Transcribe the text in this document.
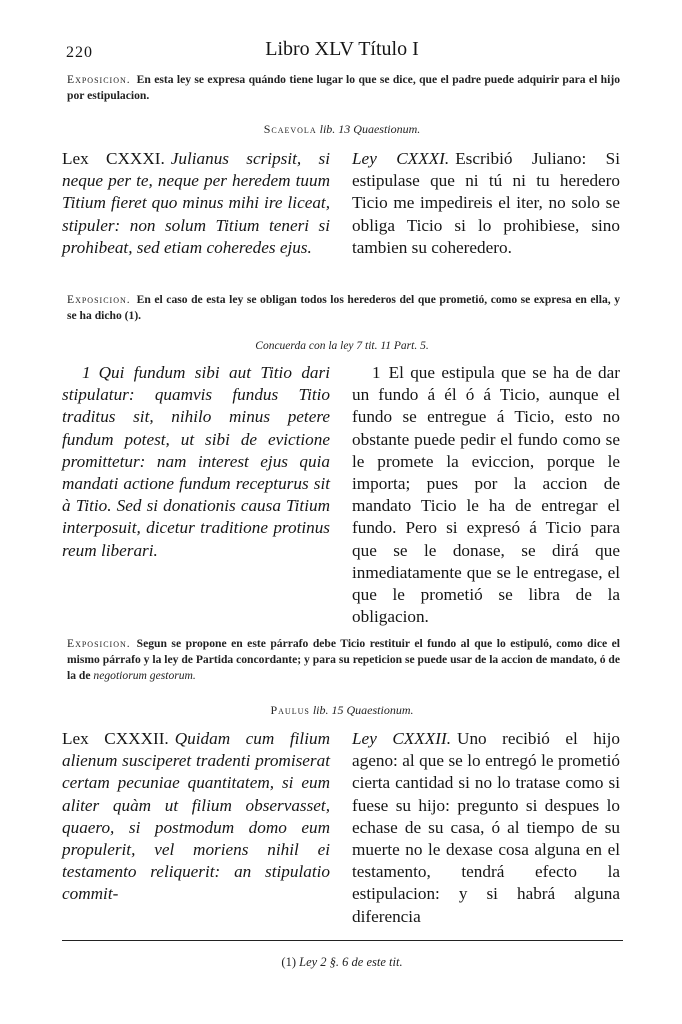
220	Libro XLV Título I
Exposicion. En esta ley se expresa quándo tiene lugar lo que se dice, que el padre puede adquirir para el hijo por estipulacion.
Scaevola lib. 13 Quaestionum.
Lex CXXXI. Julianus scripsit, si neque per te, neque per heredem tuum Titium fieret quo minus mihi ire liceat, stipuler: non solum Titium teneri si prohibeat, sed etiam coheredes ejus.
Ley CXXXI. Escribió Juliano: Si estipulase que ni tú ni tu heredero Ticio me impedireis el iter, no solo se obliga Ticio si lo prohibiese, sino tambien su coheredero.
Exposicion. En el caso de esta ley se obligan todos los herederos del que prometió, como se expresa en ella, y se ha dicho (1).
Concuerda con la ley 7 tit. 11 Part. 5.
1 Qui fundum sibi aut Titio dari stipulatur: quamvis fundus Titio traditus sit, nihilo minus petere fundum potest, ut sibi de evictione promittetur: nam interest ejus quia mandati actione fundum recepturus sit à Titio. Sed si donationis causa Titium interposuit, dicetur traditione protinus reum liberari.
1 El que estipula que se ha de dar un fundo á él ó á Ticio, aunque el fundo se entregue á Ticio, esto no obstante puede pedir el fundo como se le promete la eviccion, porque le importa; pues por la accion de mandato Ticio le ha de entregar el fundo. Pero si expresó á Ticio para que se le donase, se dirá que inmediatamente que se le entregase, el que le prometió se libra de la obligacion.
Exposicion. Segun se propone en este párrafo debe Ticio restituir el fundo al que lo estipuló, como dice el mismo párrafo y la ley de Partida concordante; y para su repeticion se puede usar de la accion de mandato, ó de la de negotiorum gestorum.
Paulus lib. 15 Quaestionum.
Lex CXXXII. Quidam cum filium alienum susciperet tradenti promiserat certam pecuniae quantitatem, si eum aliter quàm ut filium observasset, quaero, si postmodum domo eum propulerit, vel moriens nihil ei testamento reliquerit: an stipulatio commit-
Ley CXXXII. Uno recibió el hijo ageno: al que se lo entregó le prometió cierta cantidad si no lo tratase como si fuese su hijo: pregunto si despues lo echase de su casa, ó al tiempo de su muerte no le dexase cosa alguna en el testamento, tendrá efecto la estipulacion: y si habrá alguna diferencia
(1) Ley 2 §. 6 de este tit.
